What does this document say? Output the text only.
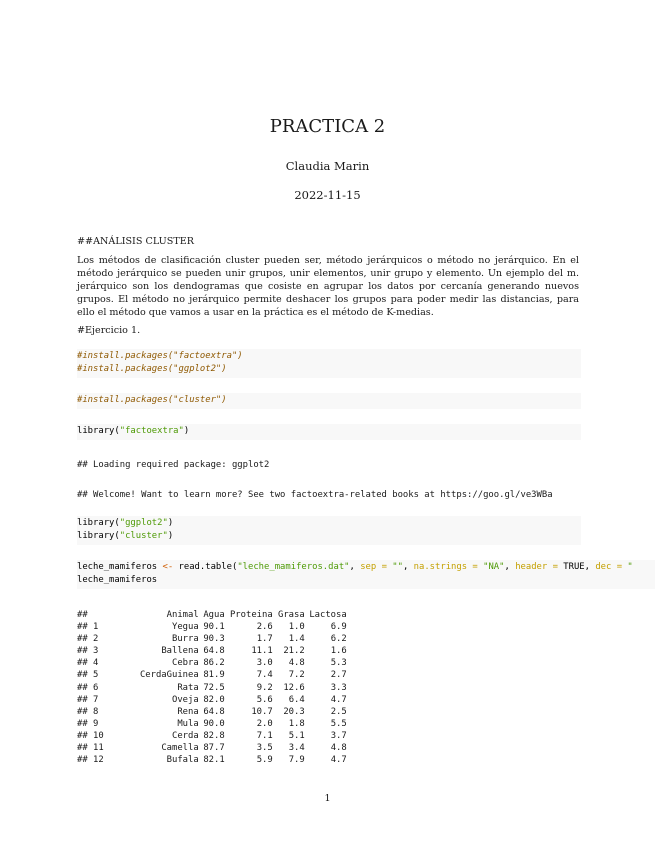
PRACTICA 2
Claudia Marin
2022-11-15
##ANÁLISIS CLUSTER
Los métodos de clasificación cluster pueden ser, método jerárquicos o método no jerárquico. En el método jerárquico se pueden unir grupos, unir elementos, unir grupo y elemento. Un ejemplo del m. jerárquico son los dendogramas que cosiste en agrupar los datos por cercanía generando nuevos grupos. El método no jerárquico permite deshacer los grupos para poder medir las distancias, para ello el método que vamos a usar en la práctica es el método de K-medias.
#Ejercicio 1.
#install.packages("factoextra")
#install.packages("ggplot2")
#install.packages("cluster")
library("factoextra")
## Loading required package: ggplot2
## Welcome! Want to learn more? See two factoextra-related books at https://goo.gl/ve3WBa
library("ggplot2")
library("cluster")
leche_mamiferos <- read.table("leche_mamiferos.dat", sep = "", na.strings = "NA", header = TRUE, dec = "
leche_mamiferos
##	Animal	Agua	Proteina	Grasa	Lactosa
## 1	Yegua	90.1	2.6	1.0	6.9
## 2	Burra	90.3	1.7	1.4	6.2
## 3	Ballena	64.8	11.1	21.2	1.6
## 4	Cebra	86.2	3.0	4.8	5.3
## 5	CerdaGuinea	81.9	7.4	7.2	2.7
## 6	Rata	72.5	9.2	12.6	3.3
## 7	Oveja	82.0	5.6	6.4	4.7
## 8	Rena	64.8	10.7	20.3	2.5
## 9	Mula	90.0	2.0	1.8	5.5
## 10	Cerda	82.8	7.1	5.1	3.7
## 11	Camella	87.7	3.5	3.4	4.8
## 12	Bufala	82.1	5.9	7.9	4.7
1
